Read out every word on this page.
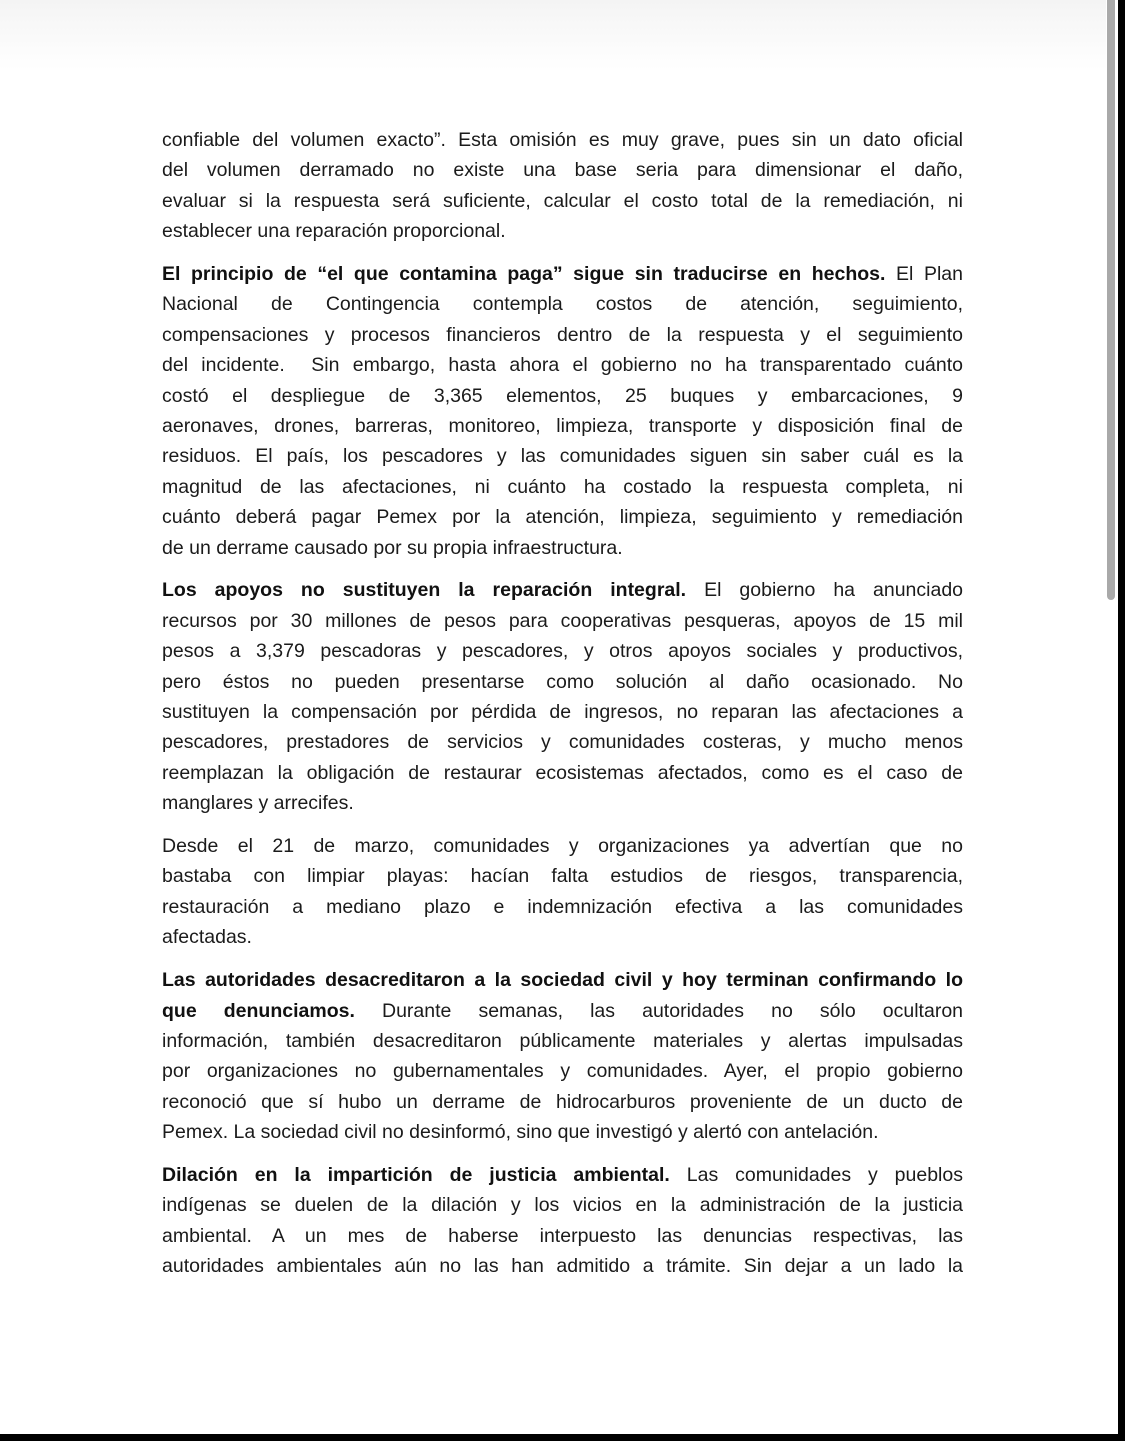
confiable del volumen exacto”. Esta omisión es muy grave, pues sin un dato oficial
del volumen derramado no existe una base seria para dimensionar el daño,
evaluar si la respuesta será suficiente, calcular el costo total de la remediación, ni
establecer una reparación proporcional.
El principio de “el que contamina paga” sigue sin traducirse en hechos. El Plan
Nacional de Contingencia contempla costos de atención, seguimiento,
compensaciones y procesos financieros dentro de la respuesta y el seguimiento
del incidente.  Sin embargo, hasta ahora el gobierno no ha transparentado cuánto
costó el despliegue de 3,365 elementos, 25 buques y embarcaciones, 9
aeronaves, drones, barreras, monitoreo, limpieza, transporte y disposición final de
residuos. El país, los pescadores y las comunidades siguen sin saber cuál es la
magnitud de las afectaciones, ni cuánto ha costado la respuesta completa, ni
cuánto deberá pagar Pemex por la atención, limpieza, seguimiento y remediación
de un derrame causado por su propia infraestructura.
Los apoyos no sustituyen la reparación integral. El gobierno ha anunciado
recursos por 30 millones de pesos para cooperativas pesqueras, apoyos de 15 mil
pesos a 3,379 pescadoras y pescadores, y otros apoyos sociales y productivos,
pero éstos no pueden presentarse como solución al daño ocasionado. No
sustituyen la compensación por pérdida de ingresos, no reparan las afectaciones a
pescadores, prestadores de servicios y comunidades costeras, y mucho menos
reemplazan la obligación de restaurar ecosistemas afectados, como es el caso de
manglares y arrecifes.
Desde el 21 de marzo, comunidades y organizaciones ya advertían que no
bastaba con limpiar playas: hacían falta estudios de riesgos, transparencia,
restauración a mediano plazo e indemnización efectiva a las comunidades
afectadas.
Las autoridades desacreditaron a la sociedad civil y hoy terminan confirmando lo
que denunciamos. Durante semanas, las autoridades no sólo ocultaron
información, también desacreditaron públicamente materiales y alertas impulsadas
por organizaciones no gubernamentales y comunidades. Ayer, el propio gobierno
reconoció que sí hubo un derrame de hidrocarburos proveniente de un ducto de
Pemex. La sociedad civil no desinformó, sino que investigó y alertó con antelación.
Dilación en la impartición de justicia ambiental. Las comunidades y pueblos
indígenas se duelen de la dilación y los vicios en la administración de la justicia
ambiental. A un mes de haberse interpuesto las denuncias respectivas, las
autoridades ambientales aún no las han admitido a trámite. Sin dejar a un lado la
